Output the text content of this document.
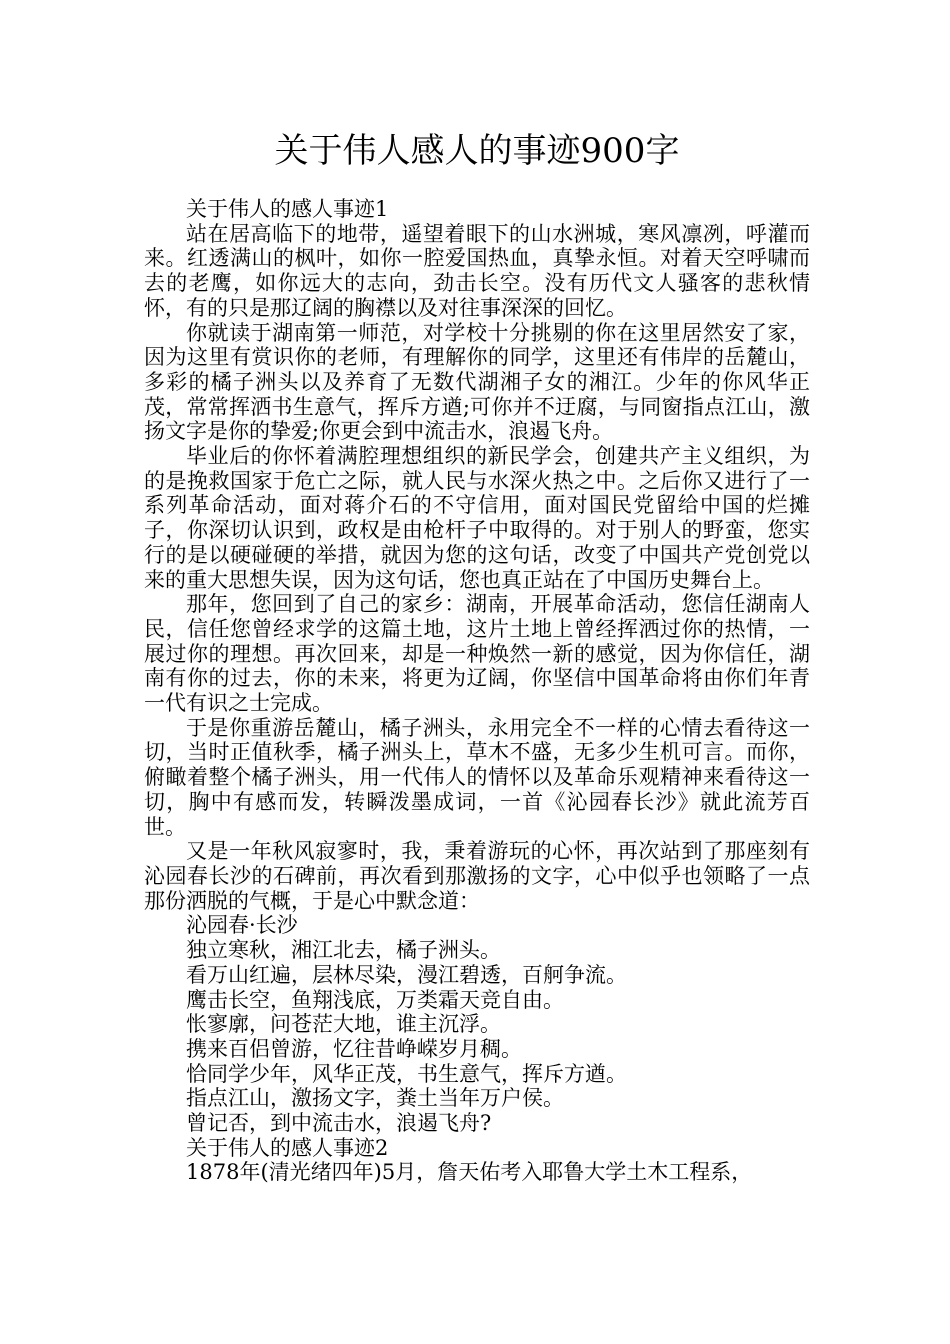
关于伟人感人的事迹900字

关于伟人的感人事迹1

站在居高临下的地带，遥望着眼下的山水洲城，寒风凛冽，呼灌而来。红透满山的枫叶，如你一腔爱国热血，真挚永恒。对着天空呼啸而去的老鹰，如你远大的志向，劲击长空。没有历代文人骚客的悲秋情怀，有的只是那辽阔的胸襟以及对往事深深的回忆。

你就读于湖南第一师范，对学校十分挑剔的你在这里居然安了家，因为这里有赏识你的老师，有理解你的同学，这里还有伟岸的岳麓山，多彩的橘子洲头以及养育了无数代湖湘子女的湘江。少年的你风华正茂，常常挥洒书生意气，挥斥方遒;可你并不迂腐，与同窗指点江山，激扬文字是你的挚爱;你更会到中流击水，浪遏飞舟。

毕业后的你怀着满腔理想组织的新民学会，创建共产主义组织，为的是挽救国家于危亡之际，就人民与水深火热之中。之后你又进行了一系列革命活动，面对蒋介石的不守信用，面对国民党留给中国的烂摊子，你深切认识到，政权是由枪杆子中取得的。对于别人的野蛮，您实行的是以硬碰硬的举措，就因为您的这句话，改变了中国共产党创党以来的重大思想失误，因为这句话，您也真正站在了中国历史舞台上。

那年，您回到了自己的家乡：湖南，开展革命活动，您信任湖南人民，信任您曾经求学的这篇土地，这片土地上曾经挥洒过你的热情，一展过你的理想。再次回来，却是一种焕然一新的感觉，因为你信任，湖南有你的过去，你的未来，将更为辽阔，你坚信中国革命将由你们年青一代有识之士完成。

于是你重游岳麓山，橘子洲头，永用完全不一样的心情去看待这一切，当时正值秋季，橘子洲头上，草木不盛，无多少生机可言。而你，俯瞰着整个橘子洲头，用一代伟人的情怀以及革命乐观精神来看待这一切，胸中有感而发，转瞬泼墨成词，一首《沁园春长沙》就此流芳百世。

又是一年秋风寂寥时，我，秉着游玩的心怀，再次站到了那座刻有沁园春长沙的石碑前，再次看到那激扬的文字，心中似乎也领略了一点那份洒脱的气概，于是心中默念道：

沁园春·长沙

独立寒秋，湘江北去，橘子洲头。

看万山红遍，层林尽染，漫江碧透，百舸争流。

鹰击长空，鱼翔浅底，万类霜天竞自由。

怅寥廓，问苍茫大地，谁主沉浮。

携来百侣曾游，忆往昔峥嵘岁月稠。

恰同学少年，风华正茂，书生意气，挥斥方遒。

指点江山，激扬文字，粪土当年万户侯。

曾记否，到中流击水，浪遏飞舟?

关于伟人的感人事迹2

1878年(清光绪四年)5月，詹天佑考入耶鲁大学土木工程系，
